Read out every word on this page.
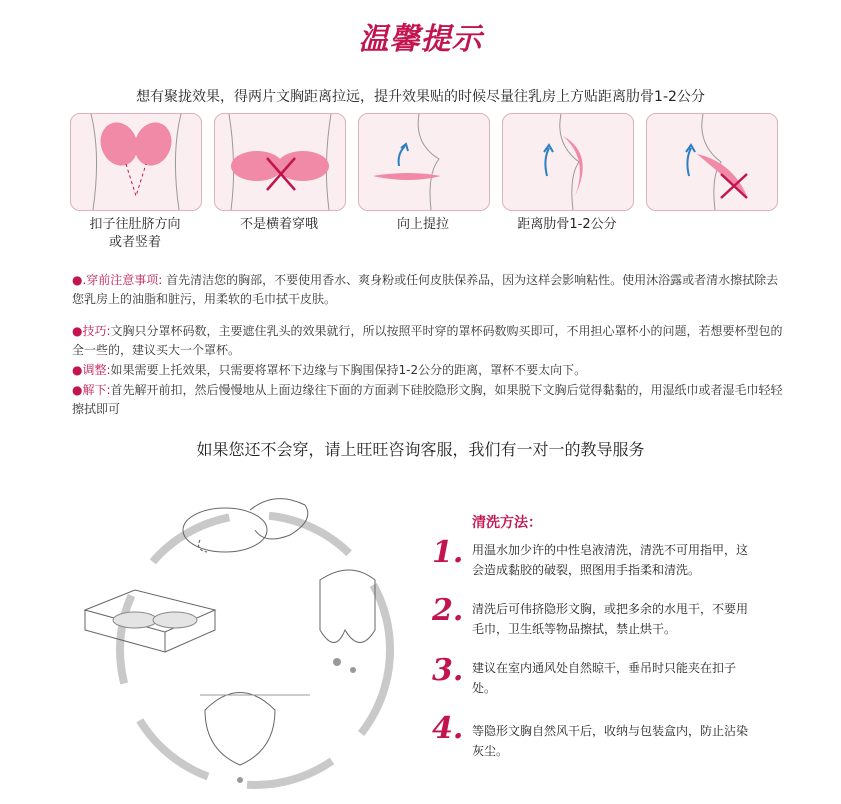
温馨提示
想有聚拢效果，得两片文胸距离拉远，提升效果贴的时候尽量往乳房上方贴距离肋骨1-2公分
扣子往肚脐方向
或者竖着
不是横着穿哦	向上提拉	距离肋骨1-2公分
●.穿前注意事项: 首先清洁您的胸部，不要使用香水、爽身粉或任何皮肤保养品，因为这样会影响粘性。使用沐浴露或者清水擦拭除去您乳房上的油脂和脏污，用柔软的毛巾拭干皮肤。
●技巧:文胸只分罩杯码数，主要遮住乳头的效果就行，所以按照平时穿的罩杯码数购买即可，不用担心罩杯小的问题，若想要杯型包的全一些的，建议买大一个罩杯。
●调整:如果需要上托效果，只需要将罩杯下边缘与下胸围保持1-2公分的距离，罩杯不要太向下。
●解下:首先解开前扣，然后慢慢地从上面边缘往下面的方面剥下硅胶隐形文胸，如果脱下文胸后觉得黏黏的，用湿纸巾或者湿毛巾轻轻擦拭即可
如果您还不会穿，请上旺旺咨询客服，我们有一对一的教导服务
清洗方法：
1. 用温水加少许的中性皂液清洗，清洗不可用指甲，这会造成黏胶的破裂，照图用手指柔和清洗。
2. 清洗后可伟挤隐形文胸，或把多余的水甩干，不要用毛巾，卫生纸等物品擦拭，禁止烘干。
3. 建议在室内通风处自然晾干，垂吊时只能夹在扣子处。
4. 等隐形文胸自然风干后，收纳与包装盒内，防止沾染灰尘。
